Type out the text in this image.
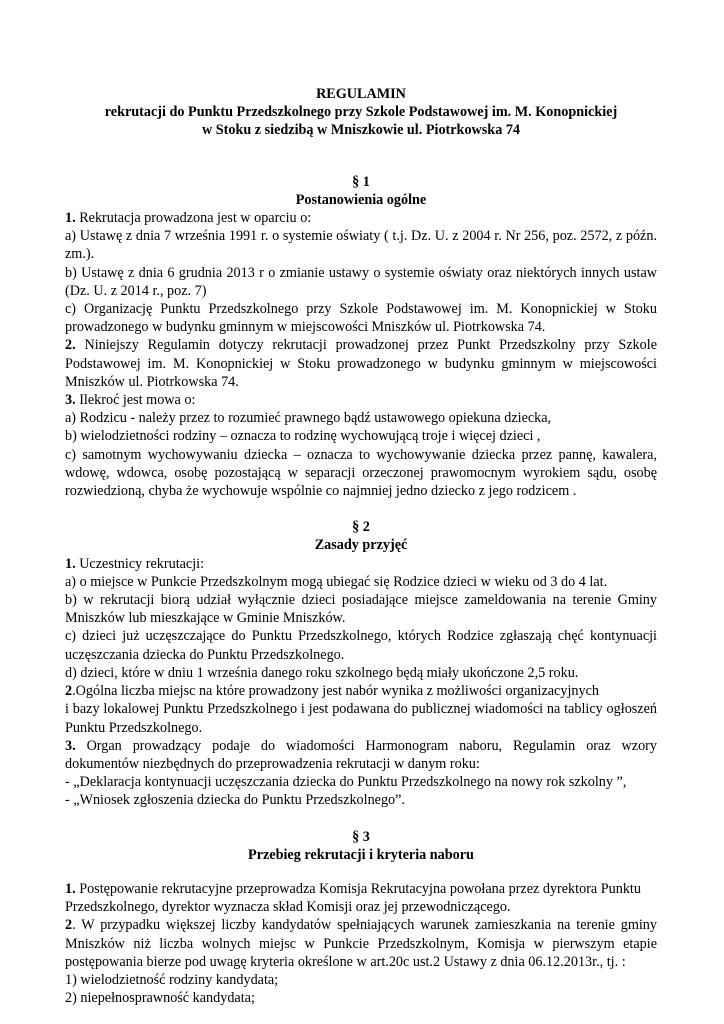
REGULAMIN

rekrutacji do Punktu Przedszkolnego przy Szkole Podstawowej im. M. Konopnickiej

w Stoku z siedzibą w Mniszkowie ul. Piotrkowska 74

§ 1

Postanowienia ogólne

1. Rekrutacja prowadzona jest w oparciu o:

a) Ustawę z dnia 7 września 1991 r. o systemie oświaty ( t.j. Dz. U. z 2004 r. Nr 256, poz. 2572, z późn. zm.).

b) Ustawę z dnia 6 grudnia 2013 r o zmianie ustawy o systemie oświaty oraz niektórych innych ustaw (Dz. U. z 2014 r., poz. 7)

c) Organizację Punktu Przedszkolnego przy Szkole Podstawowej im. M. Konopnickiej w Stoku prowadzonego w budynku gminnym w miejscowości Mniszków ul. Piotrkowska 74.

2. Niniejszy Regulamin dotyczy rekrutacji prowadzonej przez Punkt Przedszkolny przy Szkole Podstawowej im. M. Konopnickiej w Stoku prowadzonego w budynku gminnym w miejscowości Mniszków ul. Piotrkowska 74.

3. Ilekroć jest mowa o:

a) Rodzicu - należy przez to rozumieć prawnego bądź ustawowego opiekuna dziecka,

b) wielodzietności rodziny – oznacza to rodzinę wychowującą troje i więcej dzieci ,

c) samotnym wychowywaniu dziecka – oznacza to wychowywanie dziecka przez pannę, kawalera, wdowę, wdowca, osobę pozostającą w separacji orzeczonej prawomocnym wyrokiem sądu, osobę rozwiedzioną, chyba że wychowuje wspólnie co najmniej jedno dziecko z jego rodzicem .

§ 2

Zasady przyjęć

1. Uczestnicy rekrutacji:

a) o miejsce w Punkcie Przedszkolnym mogą ubiegać się Rodzice dzieci w wieku od 3 do 4 lat.

b) w rekrutacji biorą udział wyłącznie dzieci posiadające miejsce zameldowania na terenie Gminy Mniszków lub mieszkające w Gminie Mniszków.

c) dzieci już uczęszczające do Punktu Przedszkolnego, których Rodzice zgłaszają chęć kontynuacji uczęszczania dziecka do Punktu Przedszkolnego.

d) dzieci, które w dniu 1 września danego roku szkolnego będą miały ukończone 2,5 roku.

2.Ogólna liczba miejsc na które prowadzony jest nabór wynika z możliwości organizacyjnych

i bazy lokalowej Punktu Przedszkolnego i jest podawana do publicznej wiadomości na tablicy ogłoszeń Punktu Przedszkolnego.

3. Organ prowadzący podaje do wiadomości Harmonogram naboru, Regulamin oraz wzory dokumentów niezbędnych do przeprowadzenia rekrutacji w danym roku:

- „Deklaracja kontynuacji uczęszczania dziecka do Punktu Przedszkolnego na nowy rok szkolny ”,

- „Wniosek zgłoszenia dziecka do Punktu Przedszkolnego”.

§ 3

Przebieg rekrutacji i kryteria naboru

1. Postępowanie rekrutacyjne przeprowadza Komisja Rekrutacyjna powołana przez dyrektora Punktu Przedszkolnego, dyrektor wyznacza skład Komisji oraz jej przewodniczącego.

2. W przypadku większej liczby kandydatów spełniających warunek zamieszkania na terenie gminy Mniszków niż liczba wolnych miejsc w Punkcie Przedszkolnym, Komisja w pierwszym etapie postępowania bierze pod uwagę kryteria określone w art.20c ust.2 Ustawy z dnia 06.12.2013r., tj. :

1) wielodzietność rodziny kandydata;

2) niepełnosprawność kandydata;
